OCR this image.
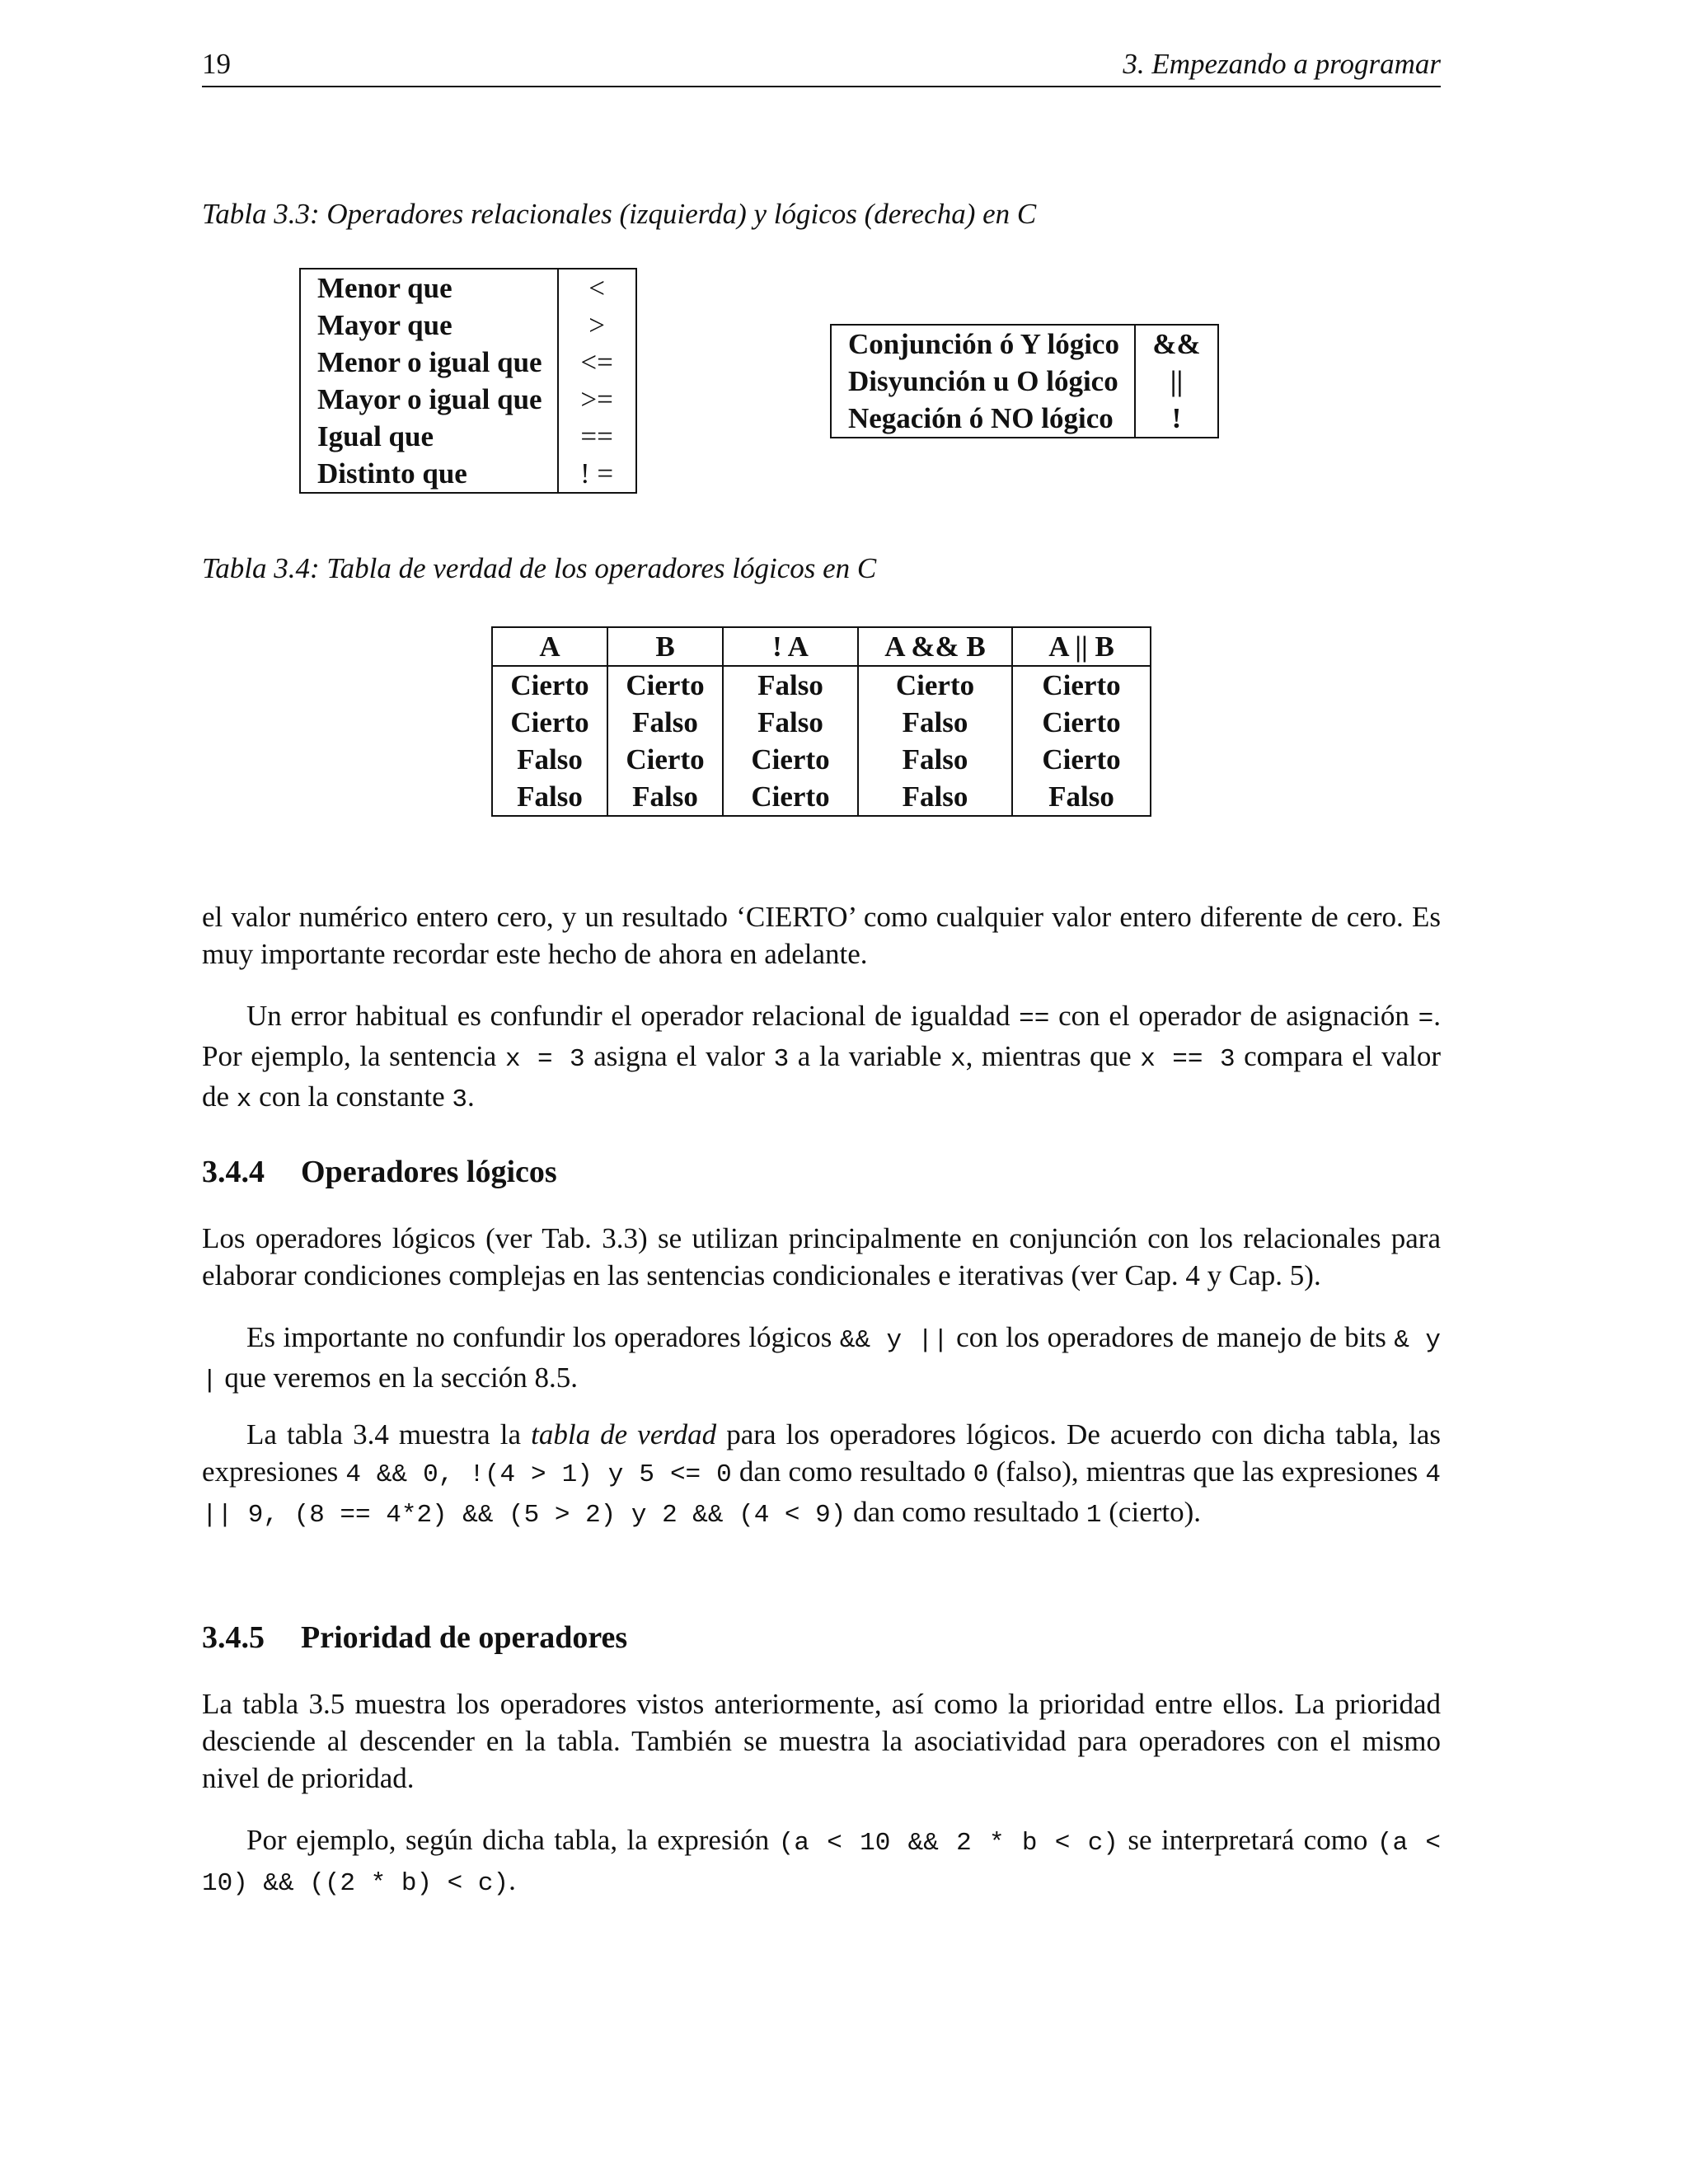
19	3. Empezando a programar
Tabla 3.3: Operadores relacionales (izquierda) y lógicos (derecha) en C
Menor que	<
Mayor que	>
Menor o igual que	<=
Mayor o igual que	>=
Igual que	==
Distinto que	! =
Conjunción ó Y lógico	&&
Disyunción u O lógico	||
Negación ó NO lógico	!
Tabla 3.4: Tabla de verdad de los operadores lógicos en C
A	B	! A	A && B	A || B
Cierto	Cierto	Falso	Cierto	Cierto
Cierto	Falso	Falso	Falso	Cierto
Falso	Cierto	Cierto	Falso	Cierto
Falso	Falso	Cierto	Falso	Falso

el valor numérico entero cero, y un resultado ‘CIERTO’ como cualquier valor entero diferente de cero. Es muy importante recordar este hecho de ahora en adelante.

Un error habitual es confundir el operador relacional de igualdad == con el operador de asignación =. Por ejemplo, la sentencia x = 3 asigna el valor 3 a la variable x, mientras que x == 3 compara el valor de x con la constante 3.

3.4.4 Operadores lógicos

Los operadores lógicos (ver Tab. 3.3) se utilizan principalmente en conjunción con los relacionales para elaborar condiciones complejas en las sentencias condicionales e iterativas (ver Cap. 4 y Cap. 5).

Es importante no confundir los operadores lógicos && y || con los operadores de manejo de bits & y | que veremos en la sección 8.5.

La tabla 3.4 muestra la tabla de verdad para los operadores lógicos. De acuerdo con dicha tabla, las expresiones 4 && 0, !(4 > 1) y 5 <= 0 dan como resultado 0 (falso), mientras que las expresiones 4 || 9, (8 == 4*2) && (5 > 2) y 2 && (4 < 9) dan como resultado 1 (cierto).

3.4.5 Prioridad de operadores

La tabla 3.5 muestra los operadores vistos anteriormente, así como la prioridad entre ellos. La prioridad desciende al descender en la tabla. También se muestra la asociatividad para operadores con el mismo nivel de prioridad.

Por ejemplo, según dicha tabla, la expresión (a < 10 && 2 * b < c) se interpretará como (a < 10) && ((2 * b) < c).
